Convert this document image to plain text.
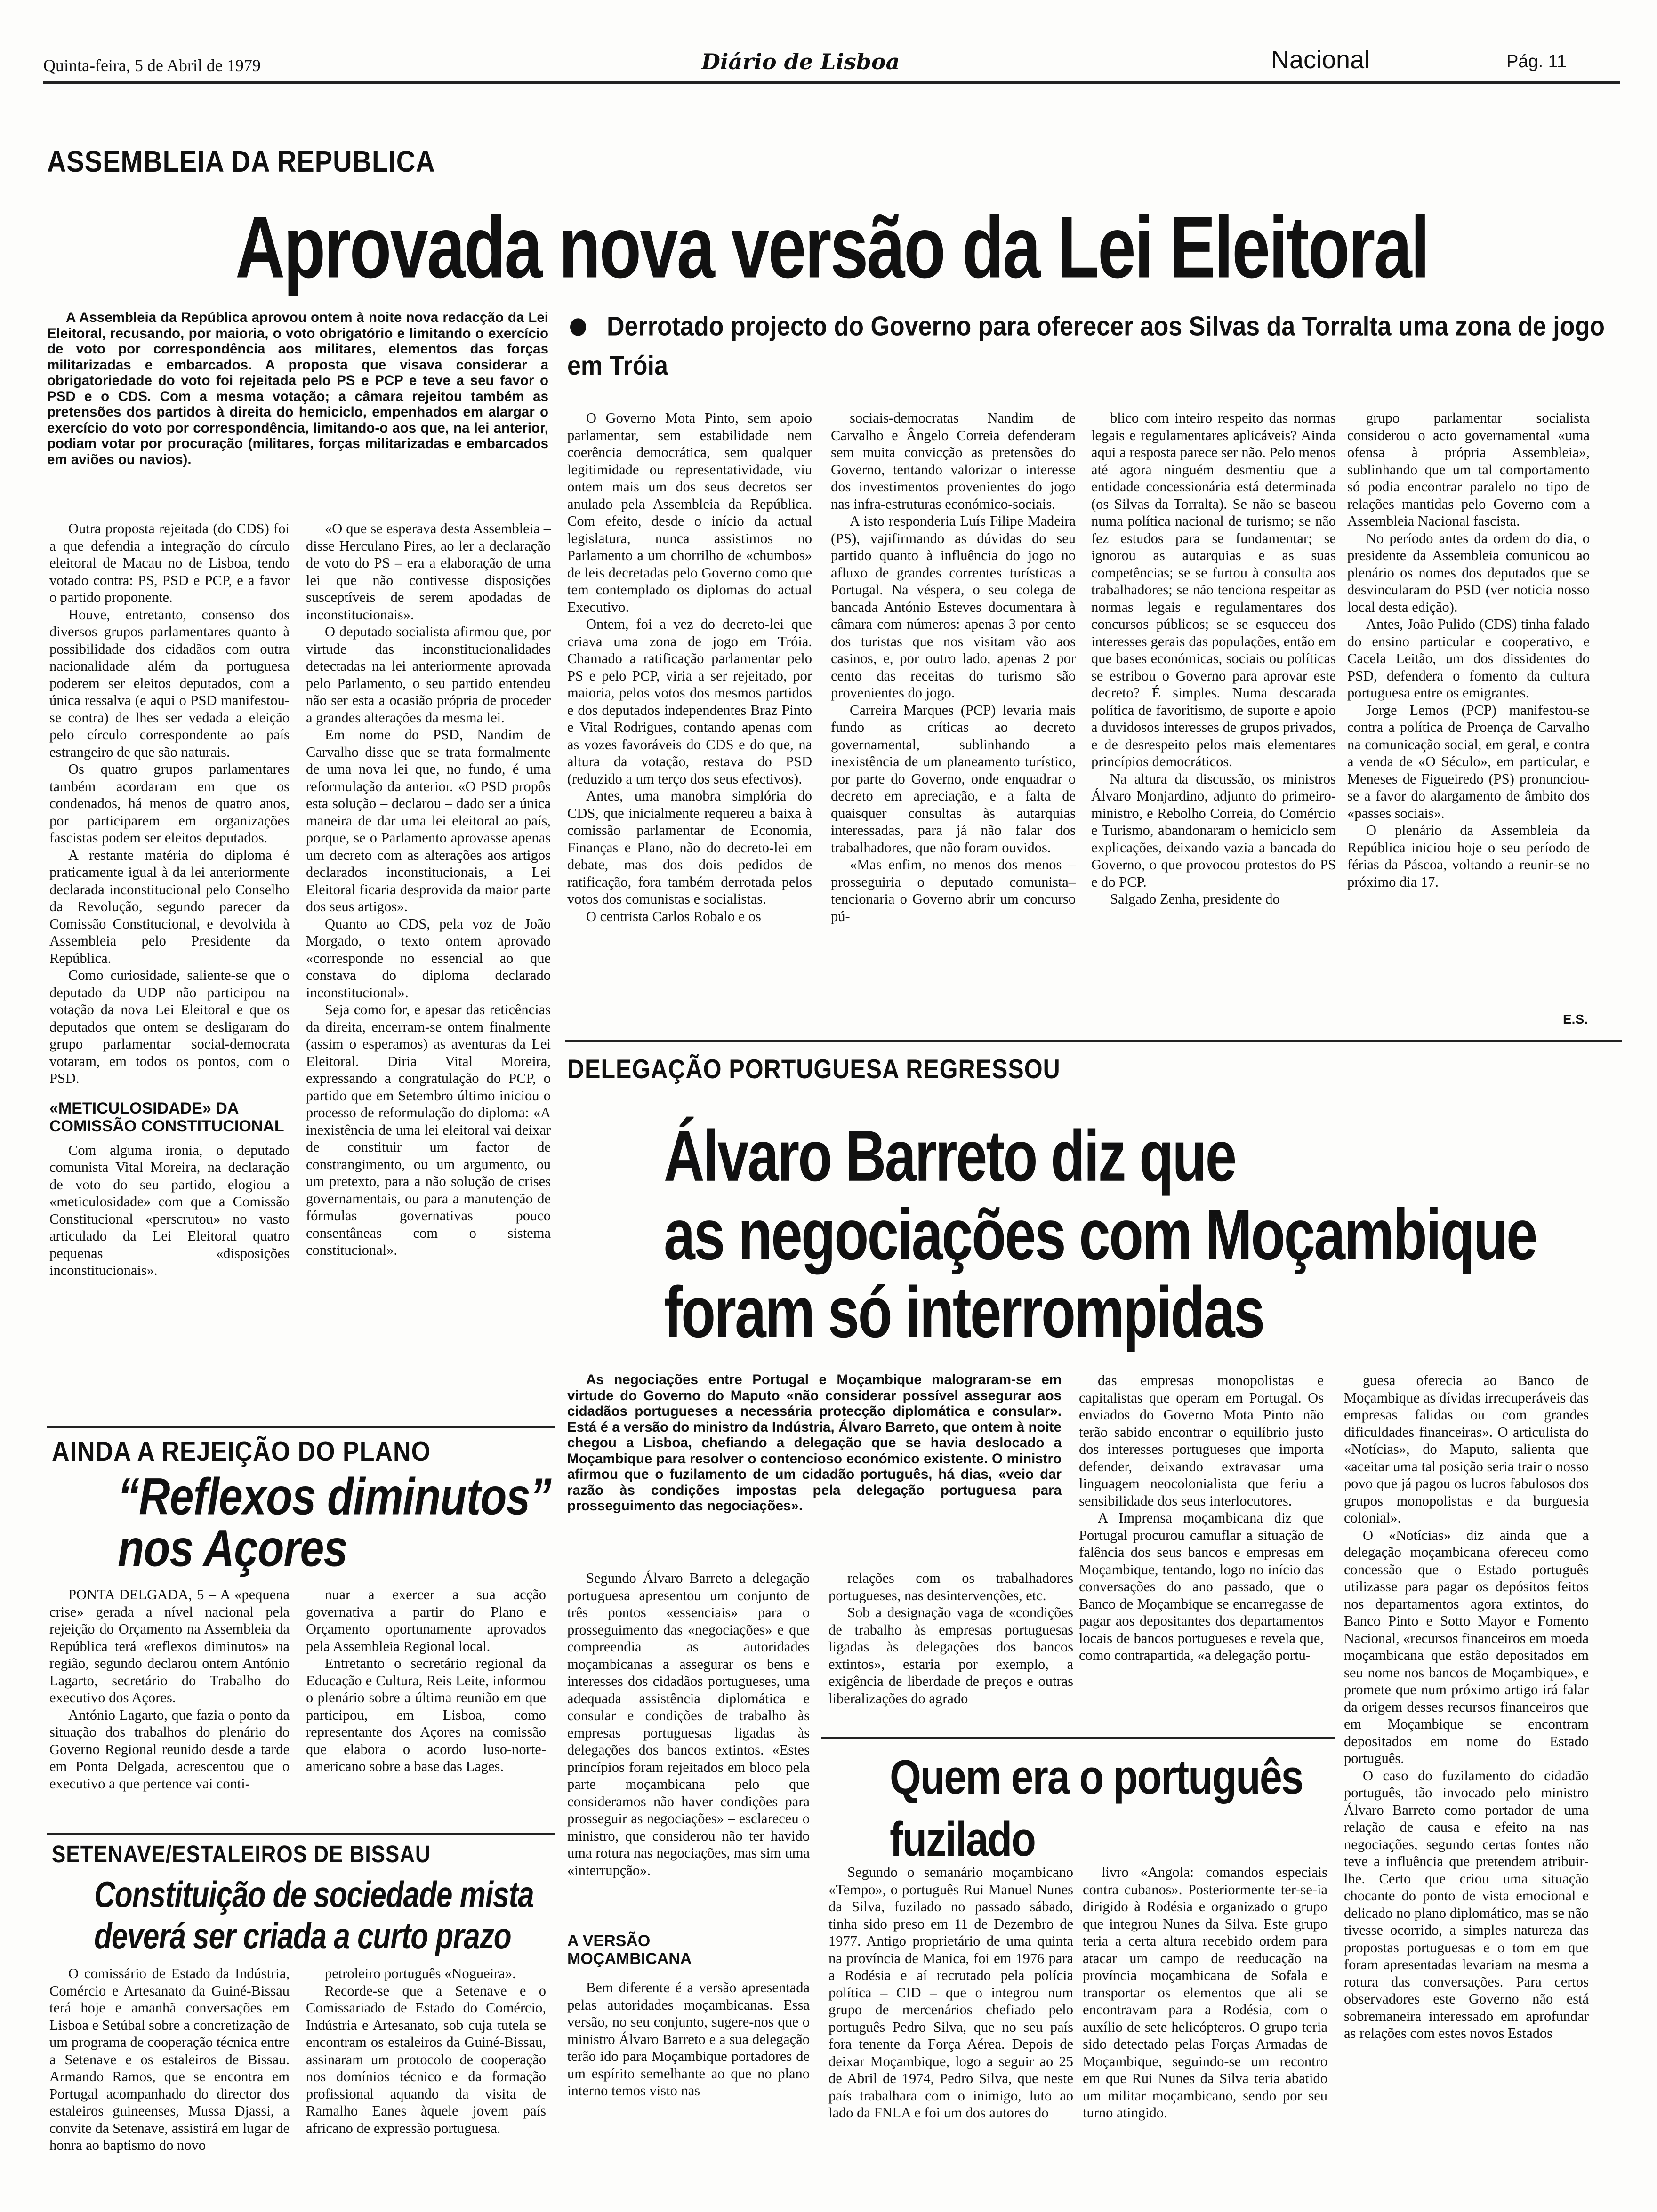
Quinta-feira, 5 de Abril de 1979	Diário de Lisboa	Nacional	Pág. 11
ASSEMBLEIA DA REPUBLICA
Aprovada nova versão da Lei Eleitoral

A Assembleia da República aprovou ontem à noite nova redacção da Lei Eleitoral, recusando, por maioria, o voto obrigatório e limitando o exercício de voto por correspondência aos militares, elementos das forças militarizadas e embarcados. A proposta que visava considerar a obrigatoriedade do voto foi rejeitada pelo PS e PCP e teve a seu favor o PSD e o CDS. Com a mesma votação; a câmara rejeitou também as pretensões dos partidos à direita do hemiciclo, empenhados em alargar o exercício do voto por correspondência, limitando-o aos que, na lei anterior, podiam votar por procuração (militares, forças militarizadas e embarcados em aviões ou navios).

Derrotado projecto do Governo para oferecer aos Silvas da Torralta uma zona de jogo em Tróia

Outra proposta rejeitada (do CDS) foi a que defendia a integração do círculo eleitoral de Macau no de Lisboa, tendo votado contra: PS, PSD e PCP, e a favor o partido proponente.

Houve, entretanto, consenso dos diversos grupos parlamentares quanto à possibilidade dos cidadãos com outra nacionalidade além da portuguesa poderem ser eleitos deputados, com a única ressalva (e aqui o PSD manifestou-se contra) de lhes ser vedada a eleição pelo círculo correspondente ao país estrangeiro de que são naturais.

Os quatro grupos parlamentares também acordaram em que os condenados, há menos de quatro anos, por participarem em organizações fascistas podem ser eleitos deputados.

A restante matéria do diploma é praticamente igual à da lei anteriormente declarada inconstitucional pelo Conselho da Revolução, segundo parecer da Comissão Constitucional, e devolvida à Assembleia pelo Presidente da República.

Como curiosidade, saliente-se que o deputado da UDP não participou na votação da nova Lei Eleitoral e que os deputados que ontem se desligaram do grupo parlamentar social-democrata votaram, em todos os pontos, com o PSD.

«METICULOSIDADE» DA COMISSÃO CONSTITUCIONAL

Com alguma ironia, o deputado comunista Vital Moreira, na declaração de voto do seu partido, elogiou a «meticulosidade» com que a Comissão Constitucional «perscrutou» no vasto articulado da Lei Eleitoral quatro pequenas «disposições inconstitucionais».

«O que se esperava desta Assembleia – disse Herculano Pires, ao ler a declaração de voto do PS – era a elaboração de uma lei que não contivesse disposições susceptíveis de serem apodadas de inconstitucionais».

O deputado socialista afirmou que, por virtude das inconstitucionalidades detectadas na lei anteriormente aprovada pelo Parlamento, o seu partido entendeu não ser esta a ocasião própria de proceder a grandes alterações da mesma lei.

Em nome do PSD, Nandim de Carvalho disse que se trata formalmente de uma nova lei que, no fundo, é uma reformulação da anterior. «O PSD propôs esta solução – declarou – dado ser a única maneira de dar uma lei eleitoral ao país, porque, se o Parlamento aprovasse apenas um decreto com as alterações aos artigos declarados inconstitucionais, a Lei Eleitoral ficaria desprovida da maior parte dos seus artigos».

Quanto ao CDS, pela voz de João Morgado, o texto ontem aprovado «corresponde no essencial ao que constava do diploma declarado inconstitucional».

Seja como for, e apesar das reticências da direita, encerram-se ontem finalmente (assim o esperamos) as aventuras da Lei Eleitoral. Diria Vital Moreira, expressando a congratulação do PCP, o partido que em Setembro último iniciou o processo de reformulação do diploma: «A inexistência de uma lei eleitoral vai deixar de constituir um factor de constrangimento, ou um argumento, ou um pretexto, para a não solução de crises governamentais, ou para a manutenção de fórmulas governativas pouco consentâneas com o sistema constitucional».

O Governo Mota Pinto, sem apoio parlamentar, sem estabilidade nem coerência democrática, sem qualquer legitimidade ou representatividade, viu ontem mais um dos seus decretos ser anulado pela Assembleia da República. Com efeito, desde o início da actual legislatura, nunca assistimos no Parlamento a um chorrilho de «chumbos» de leis decretadas pelo Governo como que tem contemplado os diplomas do actual Executivo.

Ontem, foi a vez do decreto-lei que criava uma zona de jogo em Tróia. Chamado a ratificação parlamentar pelo PS e pelo PCP, viria a ser rejeitado, por maioria, pelos votos dos mesmos partidos e dos deputados independentes Braz Pinto e Vital Rodrigues, contando apenas com as vozes favoráveis do CDS e do que, na altura da votação, restava do PSD (reduzido a um terço dos seus efectivos).

Antes, uma manobra simplória do CDS, que inicialmente requereu a baixa à comissão parlamentar de Economia, Finanças e Plano, não do decreto-lei em debate, mas dos dois pedidos de ratificação, fora também derrotada pelos votos dos comunistas e socialistas.

O centrista Carlos Robalo e os

sociais-democratas Nandim de Carvalho e Ângelo Correia defenderam sem muita convicção as pretensões do Governo, tentando valorizar o interesse dos investimentos provenientes do jogo nas infra-estruturas económico-sociais.

A isto responderia Luís Filipe Madeira (PS), vajifirmando as dúvidas do seu partido quanto à influência do jogo no afluxo de grandes correntes turísticas a Portugal. Na véspera, o seu colega de bancada António Esteves documentara à câmara com números: apenas 3 por cento dos turistas que nos visitam vão aos casinos, e, por outro lado, apenas 2 por cento das receitas do turismo são provenientes do jogo.

Carreira Marques (PCP) levaria mais fundo as críticas ao decreto governamental, sublinhando a inexistência de um planeamento turístico, por parte do Governo, onde enquadrar o decreto em apreciação, e a falta de quaisquer consultas às autarquias interessadas, para já não falar dos trabalhadores, que não foram ouvidos.

«Mas enfim, no menos dos menos – prosseguiria o deputado comunista– tencionaria o Governo abrir um concurso pú-

blico com inteiro respeito das normas legais e regulamentares aplicáveis? Ainda aqui a resposta parece ser não. Pelo menos até agora ninguém desmentiu que a entidade concessionária está determinada (os Silvas da Torralta). Se não se baseou numa política nacional de turismo; se não fez estudos para se fundamentar; se ignorou as autarquias e as suas competências; se se furtou à consulta aos trabalhadores; se não tenciona respeitar as normas legais e regulamentares dos concursos públicos; se se esqueceu dos interesses gerais das populações, então em que bases económicas, sociais ou políticas se estribou o Governo para aprovar este decreto? É simples. Numa descarada política de favoritismo, de suporte e apoio a duvidosos interesses de grupos privados, e de desrespeito pelos mais elementares princípios democráticos.

Na altura da discussão, os ministros Álvaro Monjardino, adjunto do primeiro-ministro, e Rebolho Correia, do Comércio e Turismo, abandonaram o hemiciclo sem explicações, deixando vazia a bancada do Governo, o que provocou protestos do PS e do PCP.

Salgado Zenha, presidente do

grupo parlamentar socialista considerou o acto governamental «uma ofensa à própria Assembleia», sublinhando que um tal comportamento só podia encontrar paralelo no tipo de relações mantidas pelo Governo com a Assembleia Nacional fascista.

No período antes da ordem do dia, o presidente da Assembleia comunicou ao plenário os nomes dos deputados que se desvincularam do PSD (ver noticia nosso local desta edição).

Antes, João Pulido (CDS) tinha falado do ensino particular e cooperativo, e Cacela Leitão, um dos dissidentes do PSD, defendera o fomento da cultura portuguesa entre os emigrantes.

Jorge Lemos (PCP) manifestou-se contra a política de Proença de Carvalho na comunicação social, em geral, e contra a venda de «O Século», em particular, e Meneses de Figueiredo (PS) pronunciou-se a favor do alargamento de âmbito dos «passes sociais».

O plenário da Assembleia da República iniciou hoje o seu período de férias da Páscoa, voltando a reunir-se no próximo dia 17.

E.S.
DELEGAÇÃO PORTUGUESA REGRESSOU
Álvaro Barreto diz que
as negociações com Moçambique
foram só interrompidas

As negociações entre Portugal e Moçambique malograram-se em virtude do Governo do Maputo «não considerar possível assegurar aos cidadãos portugueses a necessária protecção diplomática e consular». Está é a versão do ministro da Indústria, Álvaro Barreto, que ontem à noite chegou a Lisboa, chefiando a delegação que se havia deslocado a Moçambique para resolver o contencioso económico existente. O ministro afirmou que o fuzilamento de um cidadão português, há dias, «veio dar razão às condições impostas pela delegação portuguesa para prosseguimento das negociações».

das empresas monopolistas e capitalistas que operam em Portugal. Os enviados do Governo Mota Pinto não terão sabido encontrar o equilíbrio justo dos interesses portugueses que importa defender, deixando extravasar uma linguagem neocolonialista que feriu a sensibilidade dos seus interlocutores.

A Imprensa moçambicana diz que Portugal procurou camuflar a situação de falência dos seus bancos e empresas em Moçambique, tentando, logo no início das conversações do ano passado, que o Banco de Moçambique se encarregasse de pagar aos depositantes dos departamentos locais de bancos portugueses e revela que, como contrapartida, «a delegação portu-

guesa oferecia ao Banco de Moçambique as dívidas irrecuperáveis das empresas falidas ou com grandes dificuldades financeiras». O articulista do «Notícias», do Maputo, salienta que «aceitar uma tal posição seria trair o nosso povo que já pagou os lucros fabulosos dos grupos monopolistas e da burguesia colonial».

O «Notícias» diz ainda que a delegação moçambicana ofereceu como concessão que o Estado português utilizasse para pagar os depósitos feitos nos departamentos agora extintos, do Banco Pinto e Sotto Mayor e Fomento Nacional, «recursos financeiros em moeda moçambicana que estão depositados em seu nome nos bancos de Moçambique», e promete que num próximo artigo irá falar da origem desses recursos financeiros que em Moçambique se encontram depositados em nome do Estado português.

O caso do fuzilamento do cidadão português, tão invocado pelo ministro Álvaro Barreto como portador de uma relação de causa e efeito na nas negociações, segundo certas fontes não teve a influência que pretendem atribuir-lhe. Certo que criou uma situação chocante do ponto de vista emocional e delicado no plano diplomático, mas se não tivesse ocorrido, a simples natureza das propostas portuguesas e o tom em que foram apresentadas levariam na mesma a rotura das conversações. Para certos observadores este Governo não está sobremaneira interessado em aprofundar as relações com estes novos Estados

Segundo Álvaro Barreto a delegação portuguesa apresentou um conjunto de três pontos «essenciais» para o prosseguimento das «negociações» e que compreendia as autoridades moçambicanas a assegurar os bens e interesses dos cidadãos portugueses, uma adequada assistência diplomática e consular e condições de trabalho às empresas portuguesas ligadas às delegações dos bancos extintos. «Estes princípios foram rejeitados em bloco pela parte moçambicana pelo que consideramos não haver condições para prosseguir as negociações» – esclareceu o ministro, que considerou não ter havido uma rotura nas negociações, mas sim uma «interrupção».

A VERSÃO MOÇAMBICANA

Bem diferente é a versão apresentada pelas autoridades moçambicanas. Essa versão, no seu conjunto, sugere-nos que o ministro Álvaro Barreto e a sua delegação terão ido para Moçambique portadores de um espírito semelhante ao que no plano interno temos visto nas

relações com os trabalhadores portugueses, nas desintervenções, etc.

Sob a designação vaga de «condições de trabalho às empresas portuguesas ligadas às delegações dos bancos extintos», estaria por exemplo, a exigência de liberdade de preços e outras liberalizações do agrado

Quem era o português fuzilado

Segundo o semanário moçambicano «Tempo», o português Rui Manuel Nunes da Silva, fuzilado no passado sábado, tinha sido preso em 11 de Dezembro de 1977. Antigo proprietário de uma quinta na província de Manica, foi em 1976 para a Rodésia e aí recrutado pela polícia política – CID – que o integrou num grupo de mercenários chefiado pelo português Pedro Silva, que no seu país fora tenente da Força Aérea. Depois de deixar Moçambique, logo a seguir ao 25 de Abril de 1974, Pedro Silva, que neste país trabalhara com o inimigo, luto ao lado da FNLA e foi um dos autores do

livro «Angola: comandos especiais contra cubanos». Posteriormente ter-se-ia dirigido à Rodésia e organizado o grupo que integrou Nunes da Silva. Este grupo teria a certa altura recebido ordem para atacar um campo de reeducação na província moçambicana de Sofala e transportar os elementos que ali se encontravam para a Rodésia, com o auxílio de sete helicópteros. O grupo teria sido detectado pelas Forças Armadas de Moçambique, seguindo-se um recontro em que Rui Nunes da Silva teria abatido um militar moçambicano, sendo por seu turno atingido.

AINDA A REJEIÇÃO DO PLANO
“Reflexos diminutos”
nos Açores

PONTA DELGADA, 5 – A «pequena crise» gerada a nível nacional pela rejeição do Orçamento na Assembleia da República terá «reflexos diminutos» na região, segundo declarou ontem António Lagarto, secretário do Trabalho do executivo dos Açores.

António Lagarto, que fazia o ponto da situação dos trabalhos do plenário do Governo Regional reunido desde a tarde em Ponta Delgada, acrescentou que o executivo a que pertence vai conti-

nuar a exercer a sua acção governativa a partir do Plano e Orçamento oportunamente aprovados pela Assembleia Regional local.

Entretanto o secretário regional da Educação e Cultura, Reis Leite, informou o plenário sobre a última reunião em que participou, em Lisboa, como representante dos Açores na comissão que elabora o acordo luso-norte-americano sobre a base das Lages.

SETENAVE/ESTALEIROS DE BISSAU
Constituição de sociedade mista
deverá ser criada a curto prazo

O comissário de Estado da Indústria, Comércio e Artesanato da Guiné-Bissau terá hoje e amanhã conversações em Lisboa e Setúbal sobre a concretização de um programa de cooperação técnica entre a Setenave e os estaleiros de Bissau. Armando Ramos, que se encontra em Portugal acompanhado do director dos estaleiros guineenses, Mussa Djassi, a convite da Setenave, assistirá em lugar de honra ao baptismo do novo

petroleiro português «Nogueira».

Recorde-se que a Setenave e o Comissariado de Estado do Comércio, Indústria e Artesanato, sob cuja tutela se encontram os estaleiros da Guiné-Bissau, assinaram um protocolo de cooperação nos domínios técnico e da formação profissional aquando da visita de Ramalho Eanes àquele jovem país africano de expressão portuguesa.
